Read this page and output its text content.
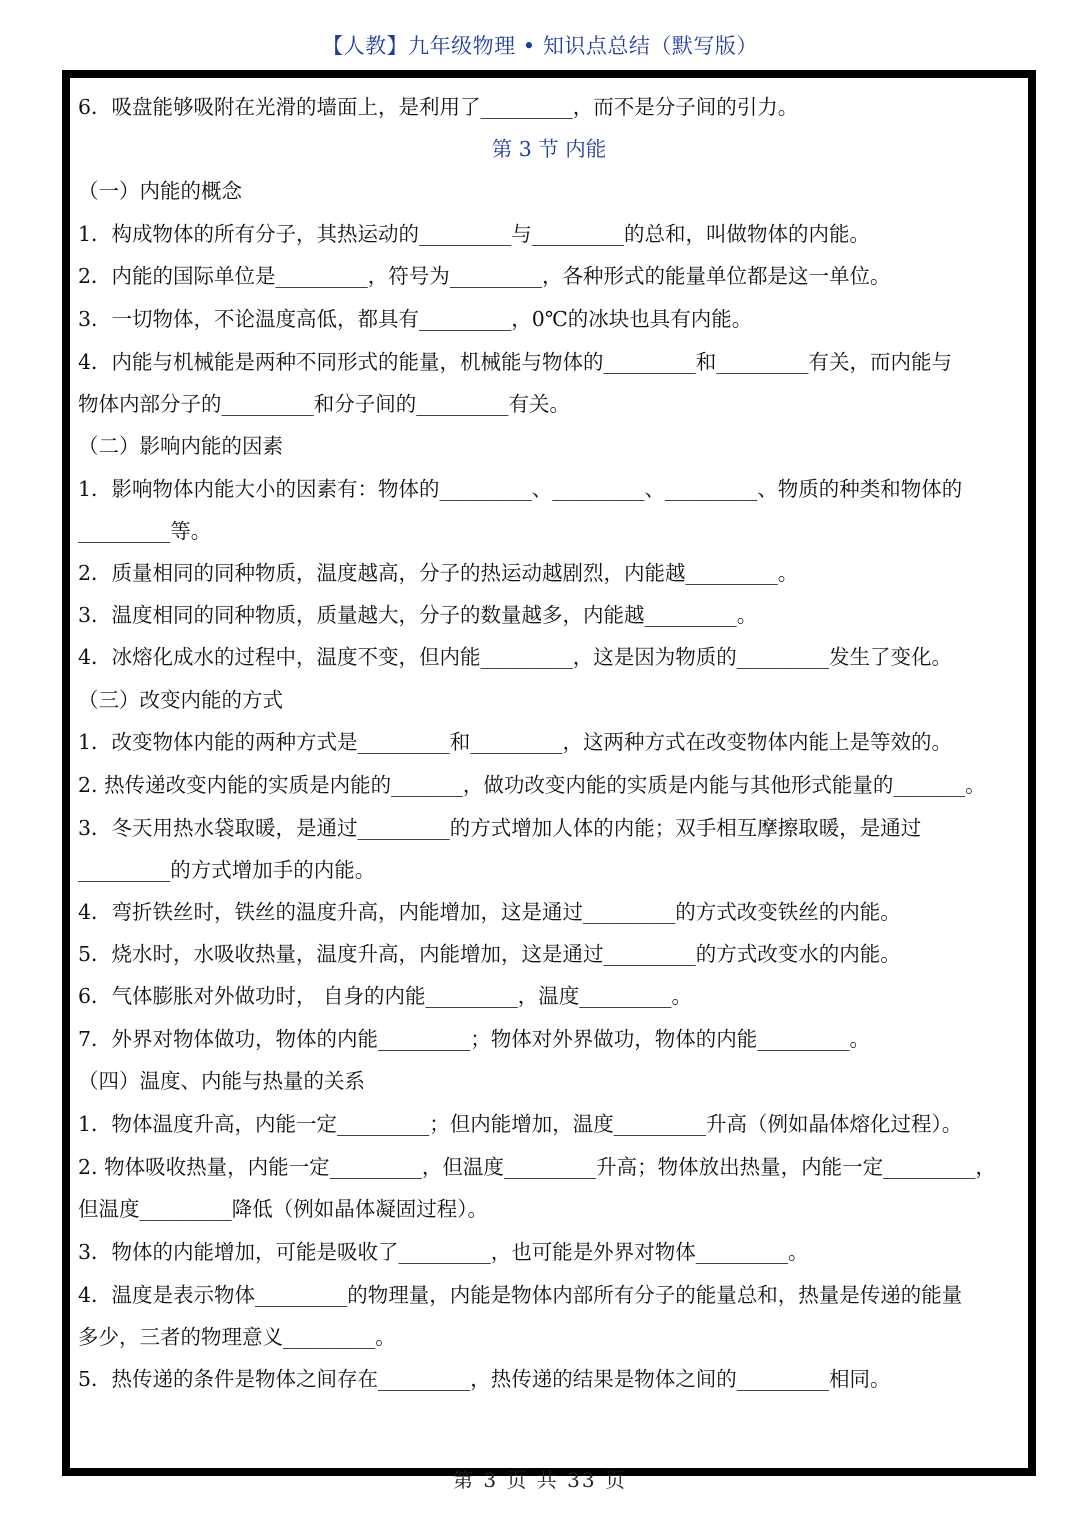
【人教】九年级物理 • 知识点总结（默写版）
6．吸盘能够吸附在光滑的墙面上，是利用了_________，而不是分子间的引力。
第 3 节 内能
（一）内能的概念
1．构成物体的所有分子，其热运动的_________与_________的总和，叫做物体的内能。
2．内能的国际单位是_________，符号为_________，各种形式的能量单位都是这一单位。
3．一切物体，不论温度高低，都具有_________，0℃的冰块也具有内能。
4．内能与机械能是两种不同形式的能量，机械能与物体的_________和_________有关，而内能与
物体内部分子的_________和分子间的_________有关。
（二）影响内能的因素
1．影响物体内能大小的因素有：物体的_________、_________、_________、物质的种类和物体的
_________等。
2．质量相同的同种物质，温度越高，分子的热运动越剧烈，内能越_________。
3．温度相同的同种物质，质量越大，分子的数量越多，内能越_________。
4．冰熔化成水的过程中，温度不变，但内能_________，这是因为物质的_________发生了变化。
（三）改变内能的方式
1．改变物体内能的两种方式是_________和_________，这两种方式在改变物体内能上是等效的。
2. 热传递改变内能的实质是内能的_______，做功改变内能的实质是内能与其他形式能量的_______。
3．冬天用热水袋取暖，是通过_________的方式增加人体的内能；双手相互摩擦取暖，是通过
_________的方式增加手的内能。
4．弯折铁丝时，铁丝的温度升高，内能增加，这是通过_________的方式改变铁丝的内能。
5．烧水时，水吸收热量，温度升高，内能增加，这是通过_________的方式改变水的内能。
6．气体膨胀对外做功时， 自身的内能_________，温度_________。
7．外界对物体做功，物体的内能_________；物体对外界做功，物体的内能_________。
（四）温度、内能与热量的关系
1．物体温度升高，内能一定_________；但内能增加，温度_________升高（例如晶体熔化过程）。
2. 物体吸收热量，内能一定_________，但温度_________升高；物体放出热量，内能一定_________，
但温度_________降低（例如晶体凝固过程）。
3．物体的内能增加，可能是吸收了_________，也可能是外界对物体_________。
4．温度是表示物体_________的物理量，内能是物体内部所有分子的能量总和，热量是传递的能量
多少，三者的物理意义_________。
5．热传递的条件是物体之间存在_________，热传递的结果是物体之间的_________相同。
第 3 页 共 33 页
